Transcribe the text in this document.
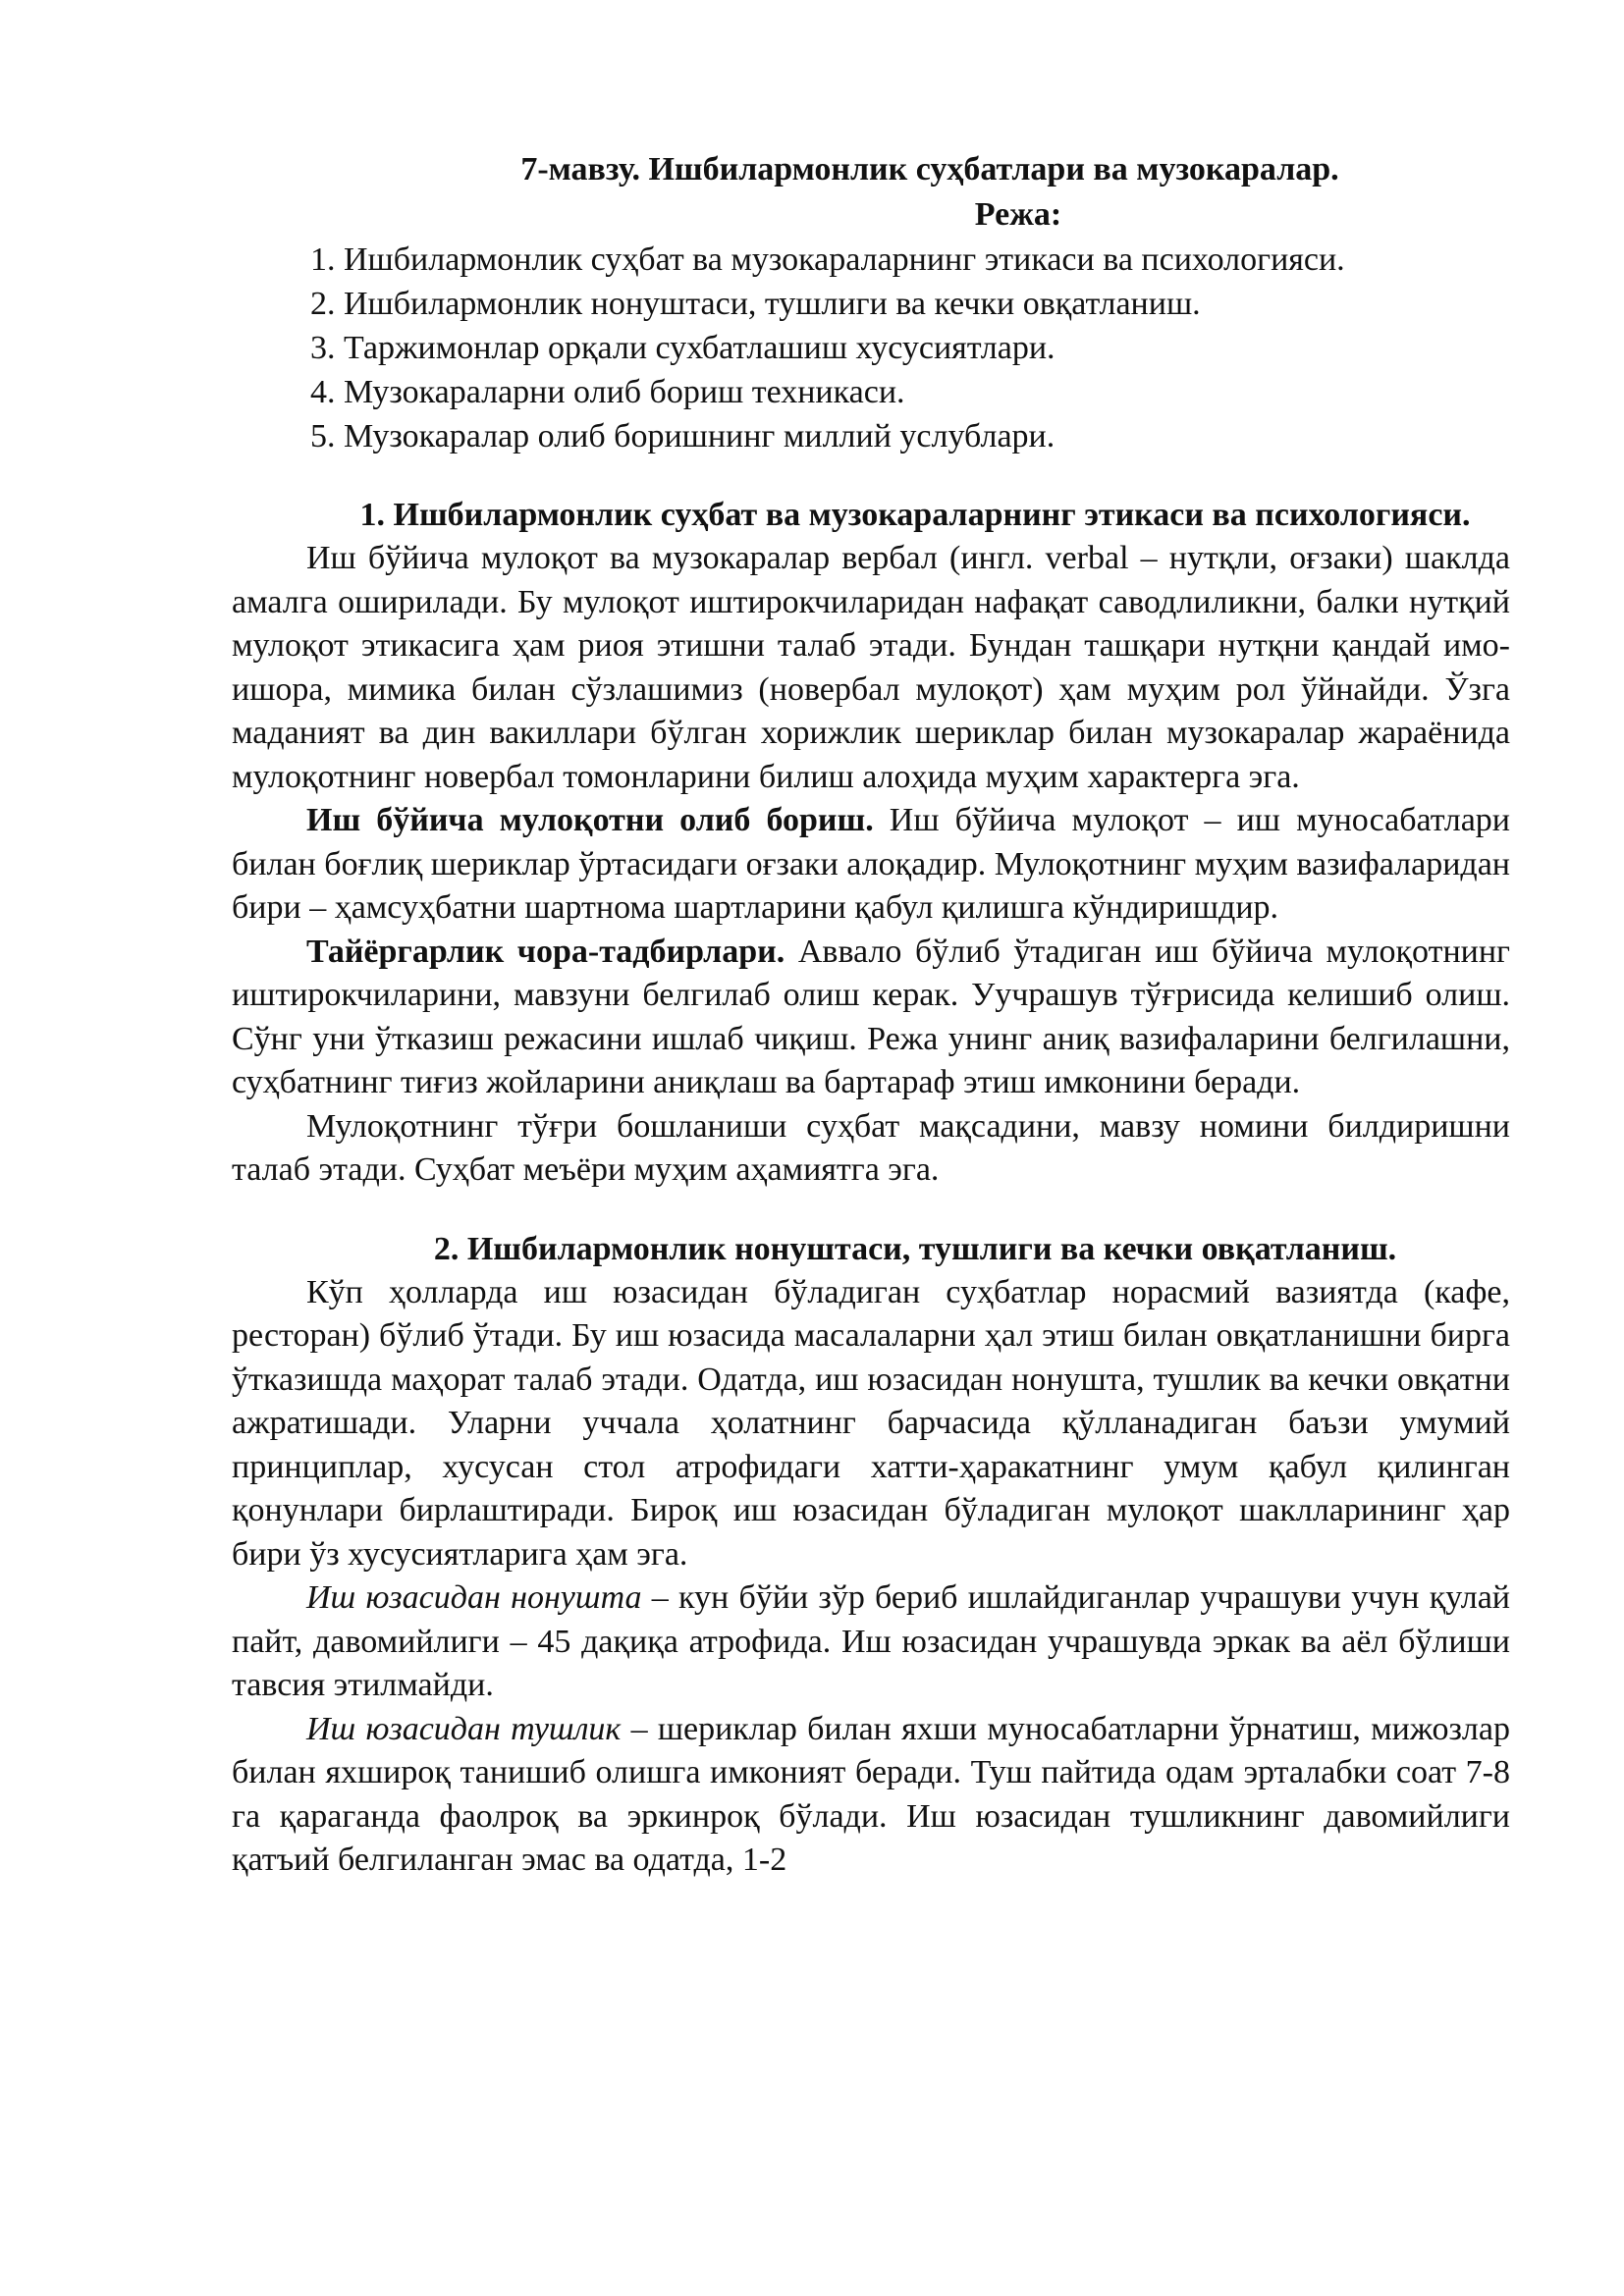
7-мавзу. Ишбилармонлик суҳбатлари ва музокаралар.
Режа:
1. Ишбилармонлик суҳбат ва музокараларнинг этикаси ва психологияси.
2. Ишбилармонлик нонуштаси, тушлиги ва кечки овқатланиш.
3. Таржимонлар орқали сухбатлашиш хусусиятлари.
4. Музокараларни олиб бориш техникаси.
5. Музокаралар олиб боришнинг миллий услублари.
1. Ишбилармонлик суҳбат ва музокараларнинг этикаси ва психологияси.

Иш бўйича мулоқот ва музокаралар вербал (ингл. verbal – нутқли, оғзаки) шаклда амалга оширилади. Бу мулоқот иштирокчиларидан нафақат саводлиликни, балки нутқий мулоқот этикасига ҳам риоя этишни талаб этади. Бундан ташқари нутқни қандай имо-ишора, мимика билан сўзлашимиз (новербал мулоқот) ҳам муҳим рол ўйнайди. Ўзга маданият ва дин вакиллари бўлган хорижлик шериклар билан музокаралар жараёнида мулоқотнинг новербал томонларини билиш алоҳида муҳим характерга эга.

Иш бўйича мулоқотни олиб бориш. Иш бўйича мулоқот – иш муносабатлари билан боғлиқ шериклар ўртасидаги оғзаки алоқадир. Мулоқотнинг муҳим вазифаларидан бири – ҳамсуҳбатни шартнома шартларини қабул қилишга кўндиришдир.

Тайёргарлик чора-тадбирлари. Аввало бўлиб ўтадиган иш бўйича мулоқотнинг иштирокчиларини, мавзуни белгилаб олиш керак. Уучрашув тўғрисида келишиб олиш. Сўнг уни ўтказиш режасини ишлаб чиқиш. Режа унинг аниқ вазифаларини белгилашни, суҳбатнинг тиғиз жойларини аниқлаш ва бартараф этиш имконини беради.

Мулоқотнинг тўғри бошланиши суҳбат мақсадини, мавзу номини билдиришни талаб этади. Суҳбат меъёри муҳим аҳамиятга эга.

2. Ишбилармонлик нонуштаси, тушлиги ва кечки овқатланиш.

Кўп ҳолларда иш юзасидан бўладиган суҳбатлар норасмий вазиятда (кафе, ресторан) бўлиб ўтади. Бу иш юзасида масалаларни ҳал этиш билан овқатланишни бирга ўтказишда маҳорат талаб этади. Одатда, иш юзасидан нонушта, тушлик ва кечки овқатни ажратишади. Уларни уччала ҳолатнинг барчасида қўлланадиган баъзи умумий принциплар, хусусан стол атрофидаги хатти-ҳаракатнинг умум қабул қилинган қонунлари бирлаштиради. Бироқ иш юзасидан бўладиган мулоқот шаклларининг ҳар бири ўз хусусиятларига ҳам эга.

Иш юзасидан нонушта – кун бўйи зўр бериб ишлайдиганлар учрашуви учун қулай пайт, давомийлиги – 45 дақиқа атрофида. Иш юзасидан учрашувда эркак ва аёл бўлиши тавсия этилмайди.

Иш юзасидан тушлик – шериклар билан яхши муносабатларни ўрнатиш, мижозлар билан яхшироқ танишиб олишга имконият беради. Туш пайтида одам эрталабки соат 7-8 га қараганда фаолроқ ва эркинроқ бўлади. Иш юзасидан тушликнинг давомийлиги қатъий белгиланган эмас ва одатда, 1-2
